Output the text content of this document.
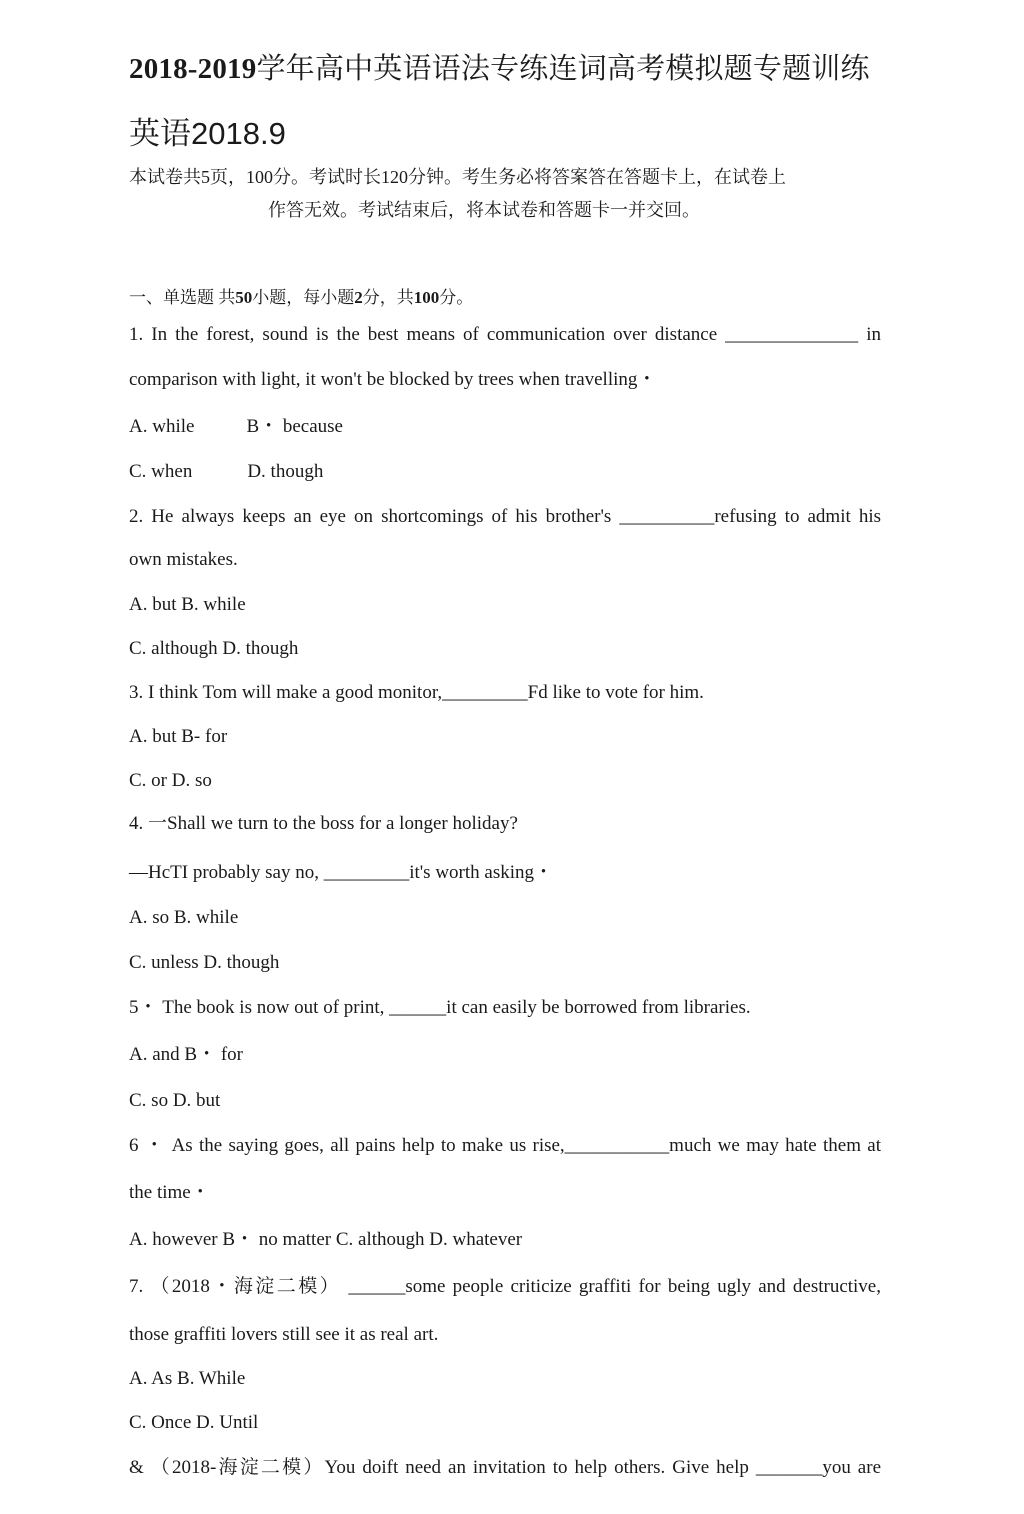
2018-2019学年高中英语语法专练连词高考模拟题专题训练
英语2018.9
本试卷共5页，100分。考试时长120分钟。考生务必将答案答在答题卡上，在试卷上
作答无效。考试结束后，将本试卷和答题卡一并交回。
一、单选题 共50小题，每小题2分，共100分。
1. In the forest, sound is the best means of communication over distance ______________ in
comparison with light, it won't be blocked by trees when travelling・
A. while	B・ because
C. when	D. though
2. He always keeps an eye on shortcomings of his brother's __________refusing to admit his
own mistakes.
A. but B. while
C. although D. though
3. I think Tom will make a good monitor,_________Fd like to vote for him.
A. but B- for
C. or D. so
4. 一Shall we turn to the boss for a longer holiday?
—HcTI probably say no, _________it's worth asking・
A. so B. while
C. unless D. though
5・ The book is now out of print, ______it can easily be borrowed from libraries.
A. and B・ for
C. so D. but
6 ・ As the saying goes, all pains help to make us rise,___________much we may hate them at
the time・
A. however B・ no matter C. although D. whatever
7. （2018・海淀二模） ______some people criticize graffiti for being ugly and destructive,
those graffiti lovers still see it as real art.
A. As B. While
C. Once D. Until
& （2018-海淀二模）You doift need an invitation to help others. Give help _______you are
